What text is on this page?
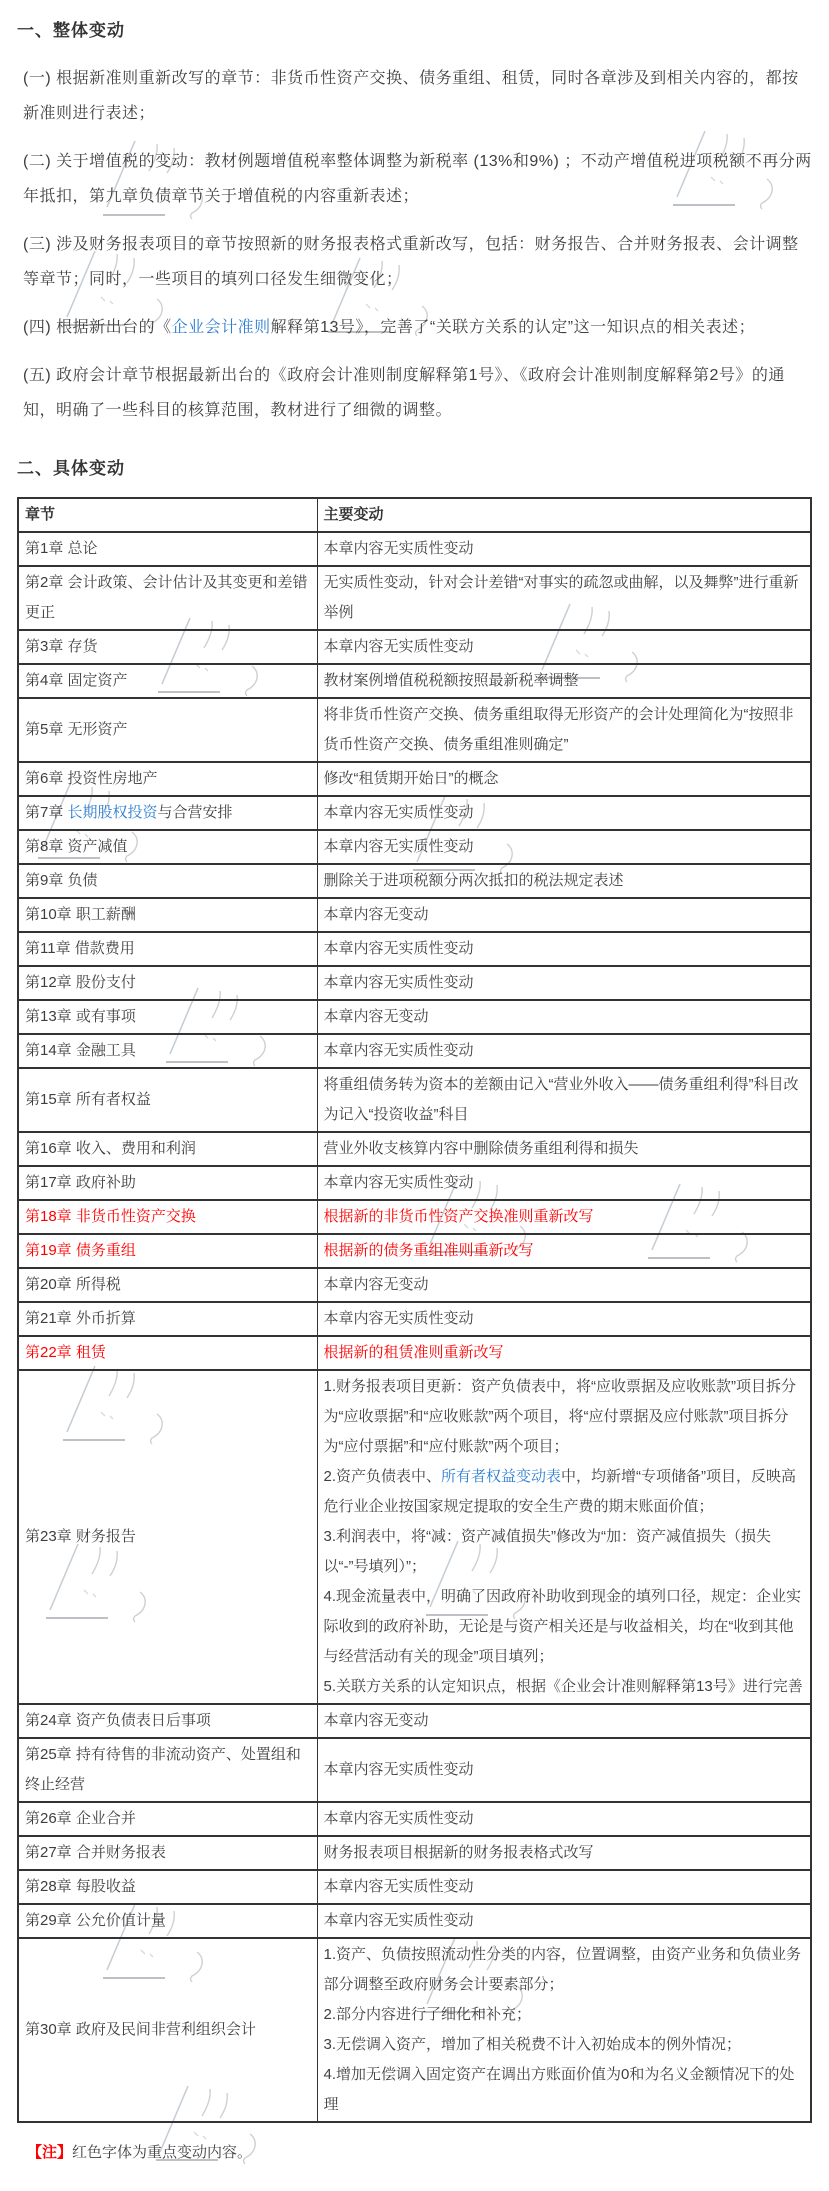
一、整体变动

(一) 根据新准则重新改写的章节：非货币性资产交换、债务重组、租赁，同时各章涉及到相关内容的，都按新准则进行表述；

(二) 关于增值税的变动：教材例题增值税率整体调整为新税率 (13%和9%) ；不动产增值税进项税额不再分两年抵扣，第九章负债章节关于增值税的内容重新表述；

(三) 涉及财务报表项目的章节按照新的财务报表格式重新改写，包括：财务报告、合并财务报表、会计调整等章节；同时，一些项目的填列口径发生细微变化；

(四) 根据新出台的《企业会计准则解释第13号》，完善了“关联方关系的认定”这一知识点的相关表述；

(五) 政府会计章节根据最新出台的《政府会计准则制度解释第1号》、《政府会计准则制度解释第2号》的通知，明确了一些科目的核算范围，教材进行了细微的调整。

二、具体变动
章节	主要变动
第1章 总论	本章内容无实质性变动

第2章 会计政策、会计估计及其变更和差错更正	无实质性变动，针对会计差错“对事实的疏忽或曲解，以及舞弊”进行重新举例

第3章 存货	本章内容无实质性变动

第4章 固定资产	教材案例增值税税额按照最新税率调整

第5章 无形资产	将非货币性资产交换、债务重组取得无形资产的会计处理简化为“按照非货币性资产交换、债务重组准则确定”

第6章 投资性房地产	修改“租赁期开始日”的概念

第7章 长期股权投资与合营安排	本章内容无实质性变动

第8章 资产减值	本章内容无实质性变动

第9章 负债	删除关于进项税额分两次抵扣的税法规定表述

第10章 职工薪酬	本章内容无变动

第11章 借款费用	本章内容无实质性变动

第12章 股份支付	本章内容无实质性变动

第13章 或有事项	本章内容无变动

第14章 金融工具	本章内容无实质性变动

第15章 所有者权益	将重组债务转为资本的差额由记入“营业外收入——债务重组利得”科目改为记入“投资收益”科目

第16章 收入、费用和利润	营业外收支核算内容中删除债务重组利得和损失

第17章 政府补助	本章内容无实质性变动

第18章 非货币性资产交换	根据新的非货币性资产交换准则重新改写

第19章 债务重组	根据新的债务重组准则重新改写

第20章 所得税	本章内容无变动

第21章 外币折算	本章内容无实质性变动

第22章 租赁	根据新的租赁准则重新改写

第23章 财务报告	1.财务报表项目更新：资产负债表中，将“应收票据及应收账款”项目拆分为“应收票据”和“应收账款”两个项目，将“应付票据及应付账款”项目拆分为“应付票据”和“应付账款”两个项目；
2.资产负债表中、所有者权益变动表中，均新增“专项储备”项目，反映高危行业企业按国家规定提取的安全生产费的期末账面价值；
3.利润表中，将“减：资产减值损失”修改为“加：资产减值损失（损失以“-”号填列）”；
4.现金流量表中，明确了因政府补助收到现金的填列口径，规定：企业实际收到的政府补助，无论是与资产相关还是与收益相关，均在“收到其他与经营活动有关的现金”项目填列；
5.关联方关系的认定知识点，根据《企业会计准则解释第13号》进行完善

第24章 资产负债表日后事项	本章内容无变动

第25章 持有待售的非流动资产、处置组和终止经营	本章内容无实质性变动

第26章 企业合并	本章内容无实质性变动

第27章 合并财务报表	财务报表项目根据新的财务报表格式改写

第28章 每股收益	本章内容无实质性变动

第29章 公允价值计量	本章内容无实质性变动

第30章 政府及民间非营利组织会计	1.资产、负债按照流动性分类的内容，位置调整，由资产业务和负债业务部分调整至政府财务会计要素部分；
2.部分内容进行了细化和补充；
3.无偿调入资产，增加了相关税费不计入初始成本的例外情况；
4.增加无偿调入固定资产在调出方账面价值为0和为名义金额情况下的处理

【注】红色字体为重点变动内容。
